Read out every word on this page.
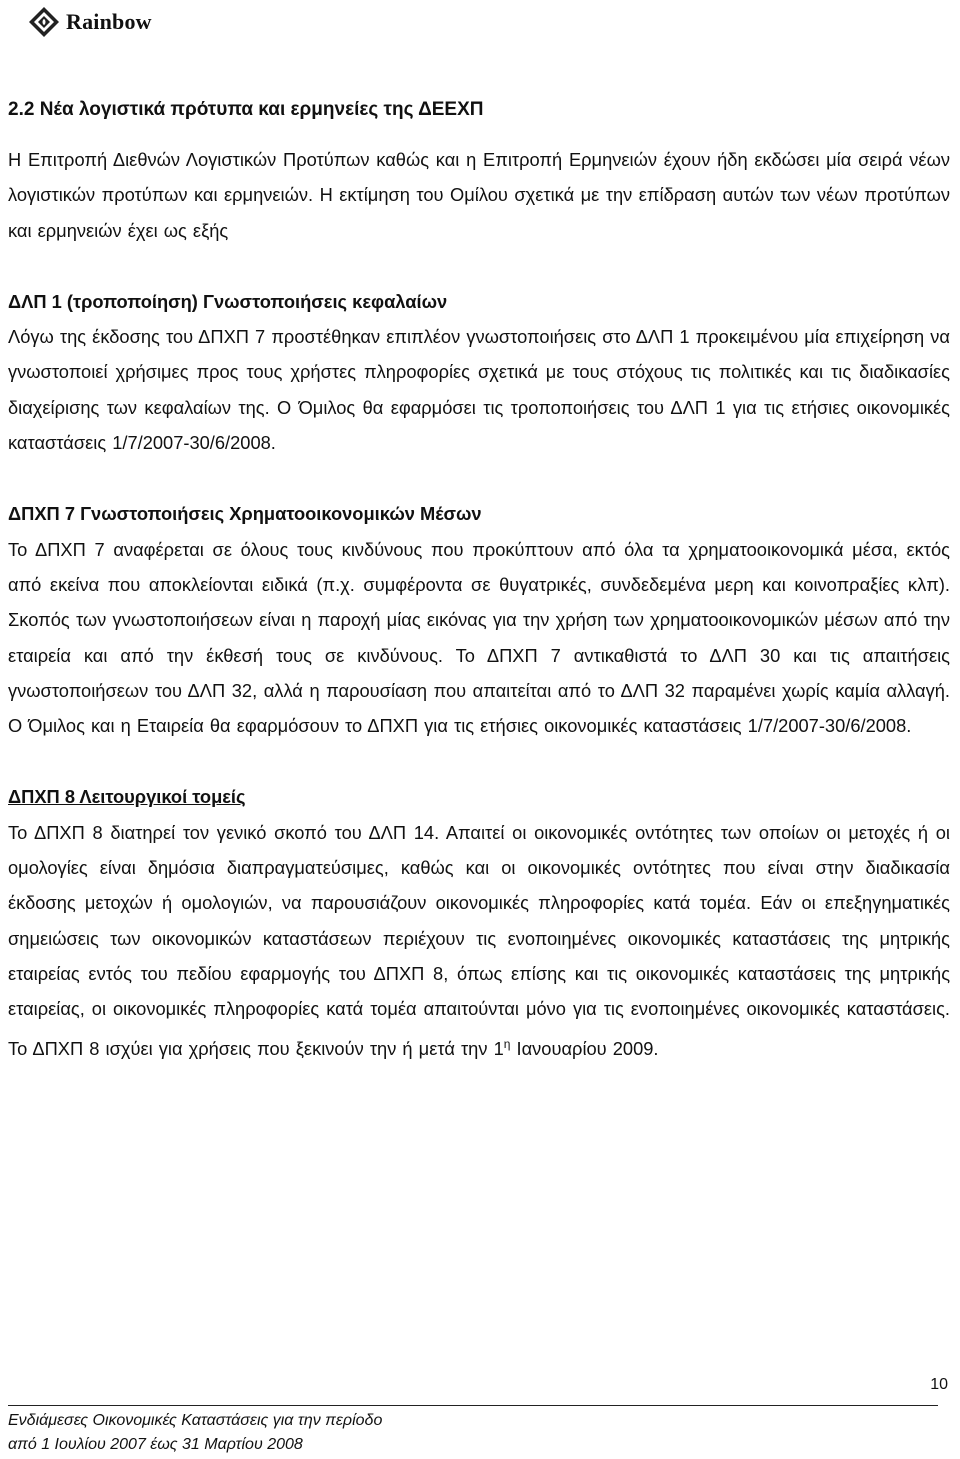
Rainbow

2.2 Νέα λογιστικά πρότυπα και ερμηνείες της ΔΕΕΧΠ

Η Επιτροπή Διεθνών Λογιστικών Προτύπων καθώς και η Επιτροπή Ερμηνειών έχουν ήδη εκδώσει μία σειρά νέων λογιστικών προτύπων και ερμηνειών. Η εκτίμηση του Ομίλου σχετικά με την επίδραση αυτών των νέων προτύπων και ερμηνειών έχει ως εξής

ΔΛΠ 1 (τροποποίηση) Γνωστοποιήσεις κεφαλαίων

Λόγω της έκδοσης του ΔΠΧΠ 7 προστέθηκαν επιπλέον γνωστοποιήσεις στο ΔΛΠ 1 προκειμένου μία επιχείρηση να γνωστοποιεί χρήσιμες προς τους χρήστες πληροφορίες σχετικά με τους στόχους τις πολιτικές και τις διαδικασίες διαχείρισης των κεφαλαίων της. Ο Όμιλος θα εφαρμόσει τις τροποποιήσεις του ΔΛΠ 1 για τις ετήσιες οικονομικές καταστάσεις 1/7/2007-30/6/2008.

ΔΠΧΠ 7 Γνωστοποιήσεις Χρηματοοικονομικών Μέσων

Το ΔΠΧΠ 7 αναφέρεται σε όλους τους κινδύνους που προκύπτουν από όλα τα χρηματοοικονομικά μέσα, εκτός από εκείνα που αποκλείονται ειδικά (π.χ. συμφέροντα σε θυγατρικές, συνδεδεμένα μερη και κοινοπραξίες κλπ). Σκοπός των γνωστοποιήσεων είναι η παροχή μίας εικόνας για την χρήση των χρηματοοικονομικών μέσων από την εταιρεία και από την έκθεσή τους σε κινδύνους. Το ΔΠΧΠ 7 αντικαθιστά το ΔΛΠ 30 και τις απαιτήσεις γνωστοποιήσεων του ΔΛΠ 32, αλλά η παρουσίαση που απαιτείται από το ΔΛΠ 32 παραμένει χωρίς καμία αλλαγή. Ο Όμιλος και η Εταιρεία θα εφαρμόσουν το ΔΠΧΠ για τις ετήσιες οικονομικές καταστάσεις 1/7/2007-30/6/2008.

ΔΠΧΠ 8 Λειτουργικοί τομείς

Το ΔΠΧΠ 8 διατηρεί τον γενικό σκοπό του ΔΛΠ 14. Απαιτεί οι οικονομικές οντότητες των οποίων οι μετοχές ή οι ομολογίες είναι δημόσια διαπραγματεύσιμες, καθώς και οι οικονομικές οντότητες που είναι στην διαδικασία έκδοσης μετοχών ή ομολογιών, να παρουσιάζουν οικονομικές πληροφορίες κατά τομέα. Εάν οι επεξηγηματικές σημειώσεις των οικονομικών καταστάσεων περιέχουν τις ενοποιημένες οικονομικές καταστάσεις της μητρικής εταιρείας εντός του πεδίου εφαρμογής του ΔΠΧΠ 8, όπως επίσης και τις οικονομικές καταστάσεις της μητρικής εταιρείας, οι οικονομικές πληροφορίες κατά τομέα απαιτούνται μόνο για τις ενοποιημένες οικονομικές καταστάσεις. Το ΔΠΧΠ 8 ισχύει για χρήσεις που ξεκινούν την ή μετά την $1^\eta$ Ιανουαρίου 2009.

10
Ενδιάμεσες Οικονομικές Καταστάσεις για την περίοδο
από 1 Ιουλίου 2007 έως 31 Μαρτίου 2008
